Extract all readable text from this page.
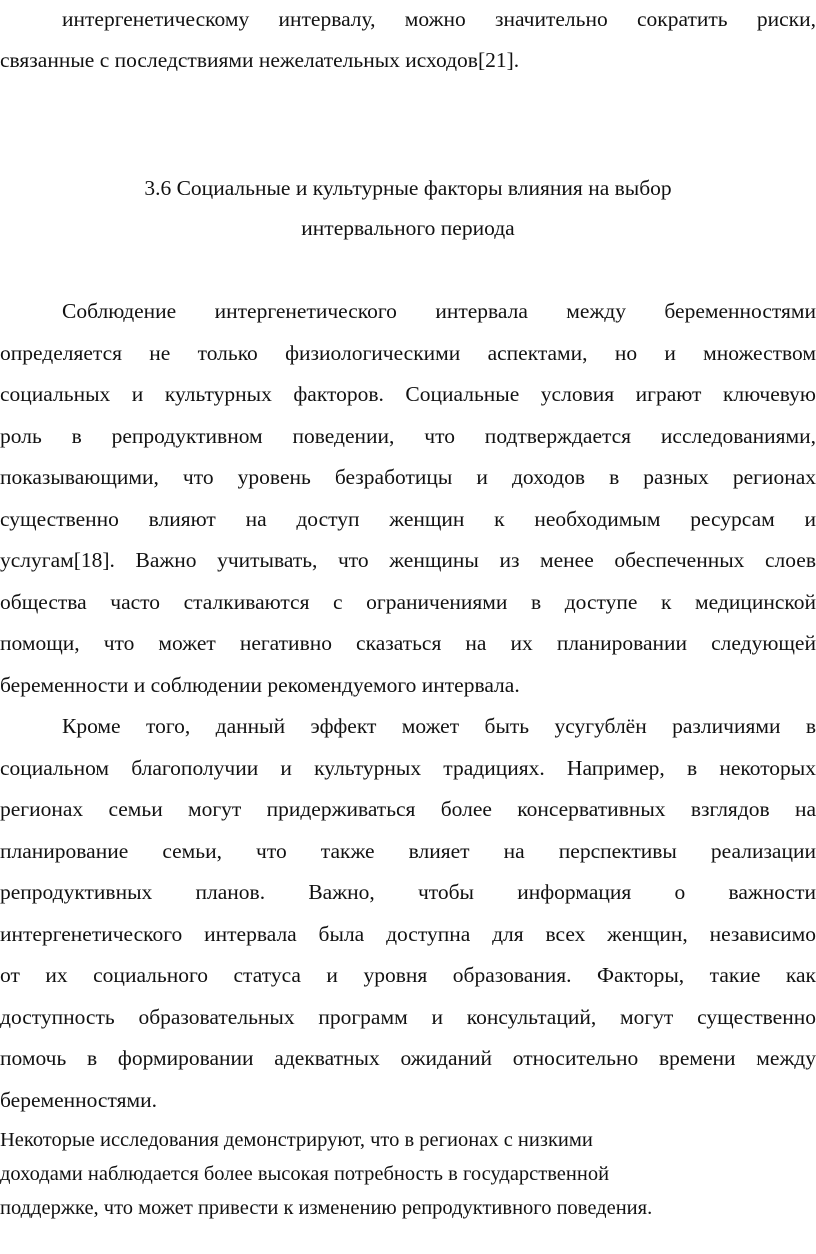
интергенетическому интервалу, можно значительно сократить риски,
связанные с последствиями нежелательных исходов[21].
3.6 Социальные и культурные факторы влияния на выбор
интервального периода
Соблюдение интергенетического интервала между беременностями
определяется не только физиологическими аспектами, но и множеством
социальных и культурных факторов. Социальные условия играют ключевую
роль в репродуктивном поведении, что подтверждается исследованиями,
показывающими, что уровень безработицы и доходов в разных регионах
существенно влияют на доступ женщин к необходимым ресурсам и
услугам[18]. Важно учитывать, что женщины из менее обеспеченных слоев
общества часто сталкиваются с ограничениями в доступе к медицинской
помощи, что может негативно сказаться на их планировании следующей
беременности и соблюдении рекомендуемого интервала.
Кроме того, данный эффект может быть усугублён различиями в
социальном благополучии и культурных традициях. Например, в некоторых
регионах семьи могут придерживаться более консервативных взглядов на
планирование семьи, что также влияет на перспективы реализации
репродуктивных планов. Важно, чтобы информация о важности
интергенетического интервала была доступна для всех женщин, независимо
от их социального статуса и уровня образования. Факторы, такие как
доступность образовательных программ и консультаций, могут существенно
помочь в формировании адекватных ожиданий относительно времени между
беременностями.
Некоторые исследования демонстрируют, что в регионах с низкими
доходами наблюдается более высокая потребность в государственной
поддержке, что может привести к изменению репродуктивного поведения.
